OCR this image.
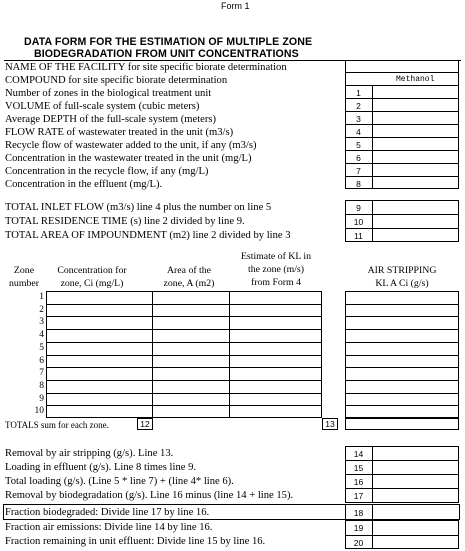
Form 1
DATA FORM FOR THE ESTIMATION OF MULTIPLE ZONE
BIODEGRADATION FROM UNIT CONCENTRATIONS
NAME OF THE FACILITY for site specific biorate determination
COMPOUND for site specific biorate determination
Number of zones in the biological treatment unit
VOLUME of full-scale system (cubic meters)
Average DEPTH of the full-scale system (meters)
FLOW RATE of wastewater treated in the unit (m3/s)
Recycle flow of wastewater added to the unit, if any (m3/s)
Concentration in the wastewater treated in the unit (mg/L)
Concentration in the recycle flow, if any (mg/L)
Concentration in the effluent (mg/L).
Methanol
1
2
3
4
5
6
7
8
TOTAL INLET FLOW (m3/s) line 4 plus the number on line 5
TOTAL RESIDENCE TIME (s) line 2 divided by line 9.
TOTAL AREA OF IMPOUNDMENT (m2) line 2 divided by line 3
9
10
11
Zone
number
Concentration for
zone, Ci (mg/L)
Area of the
zone, A (m2)
Estimate of KL in
the zone (m/s)
from Form 4
AIR STRIPPING
KL A Ci (g/s)
1
2
3
4
5
6
7
8
9
10
TOTALS sum for each zone.	12	13
Removal by air stripping (g/s). Line 13.
Loading in effluent (g/s). Line 8 times line 9.
Total loading (g/s). (Line 5 * line 7) + (line 4* line 6).
Removal by biodegradation (g/s). Line 16 minus (line 14 + line 15).
Fraction biodegraded: Divide line 17 by line 16.
Fraction air emissions: Divide line 14 by line 16.
Fraction remaining in unit effluent: Divide line 15 by line 16.
14
15
16
17
18
19
20
